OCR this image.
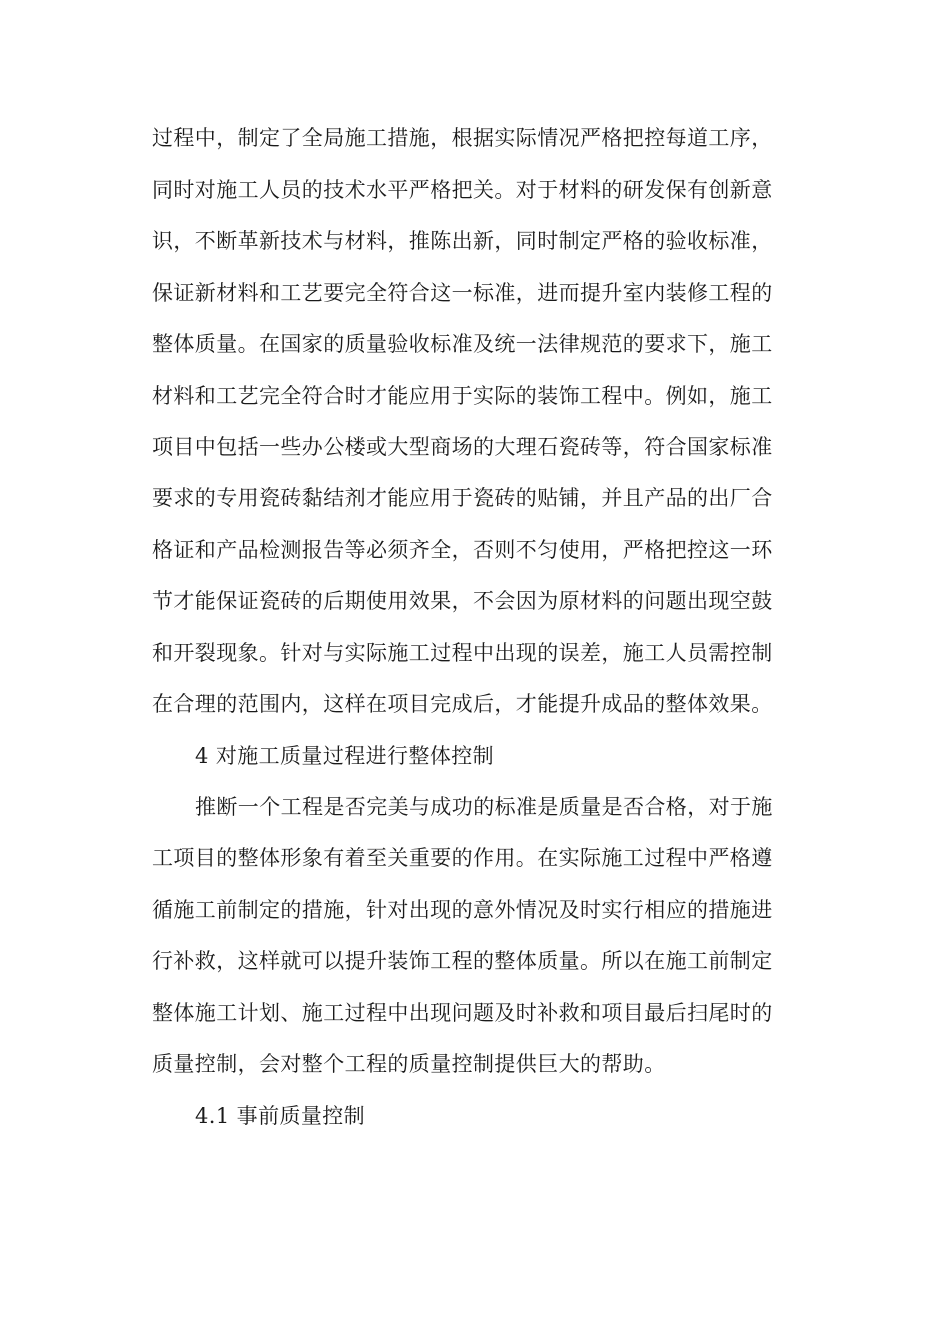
过程中，制定了全局施工措施，根据实际情况严格把控每道工序，
同时对施工人员的技术水平严格把关。对于材料的研发保有创新意
识，不断革新技术与材料，推陈出新，同时制定严格的验收标准，
保证新材料和工艺要完全符合这一标准，进而提升室内装修工程的
整体质量。在国家的质量验收标准及统一法律规范的要求下，施工
材料和工艺完全符合时才能应用于实际的装饰工程中。例如，施工
项目中包括一些办公楼或大型商场的大理石瓷砖等，符合国家标准
要求的专用瓷砖黏结剂才能应用于瓷砖的贴铺，并且产品的出厂合
格证和产品检测报告等必须齐全，否则不匀使用，严格把控这一环
节才能保证瓷砖的后期使用效果，不会因为原材料的问题出现空鼓
和开裂现象。针对与实际施工过程中出现的误差，施工人员需控制
在合理的范围内，这样在项目完成后，才能提升成品的整体效果。
4 对施工质量过程进行整体控制
推断一个工程是否完美与成功的标准是质量是否合格，对于施
工项目的整体形象有着至关重要的作用。在实际施工过程中严格遵
循施工前制定的措施，针对出现的意外情况及时实行相应的措施进
行补救，这样就可以提升装饰工程的整体质量。所以在施工前制定
整体施工计划、施工过程中出现问题及时补救和项目最后扫尾时的
质量控制，会对整个工程的质量控制提供巨大的帮助。
4.1 事前质量控制
